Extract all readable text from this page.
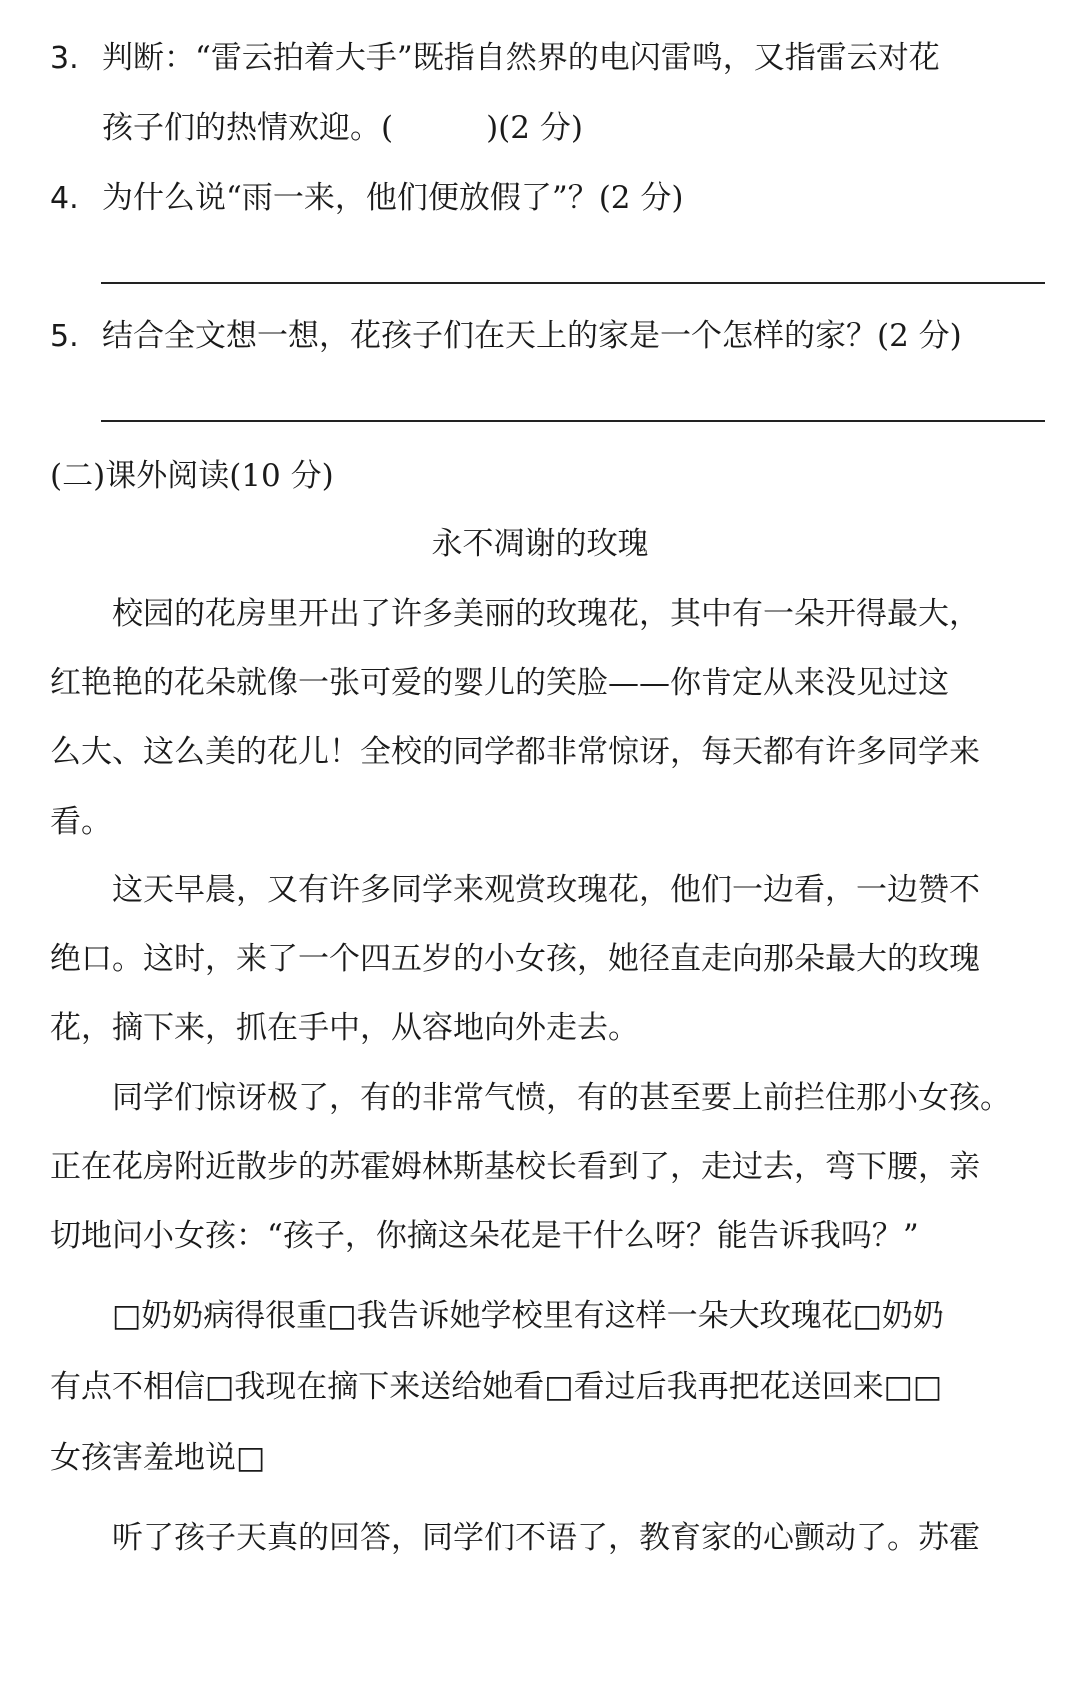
3. 判断：“雷云拍着大手”既指自然界的电闪雷鸣，又指雷云对花
孩子们的热情欢迎。(　　　)(2 分)
4. 为什么说“雨一来，他们便放假了”？(2 分)
5. 结合全文想一想，花孩子们在天上的家是一个怎样的家？(2 分)
(二)课外阅读(10 分)
永不凋谢的玫瑰
校园的花房里开出了许多美丽的玫瑰花，其中有一朵开得最大，
红艳艳的花朵就像一张可爱的婴儿的笑脸——你肯定从来没见过这
么大、这么美的花儿！全校的同学都非常惊讶，每天都有许多同学来
看。
这天早晨，又有许多同学来观赏玫瑰花，他们一边看，一边赞不
绝口。这时，来了一个四五岁的小女孩，她径直走向那朵最大的玫瑰
花，摘下来，抓在手中，从容地向外走去。
同学们惊讶极了，有的非常气愤，有的甚至要上前拦住那小女孩。
正在花房附近散步的苏霍姆林斯基校长看到了，走过去，弯下腰，亲
切地问小女孩：“孩子，你摘这朵花是干什么呀？能告诉我吗？”
□奶奶病得很重□我告诉她学校里有这样一朵大玫瑰花□奶奶
有点不相信□我现在摘下来送给她看□看过后我再把花送回来□□
女孩害羞地说□
听了孩子天真的回答，同学们不语了，教育家的心颤动了。苏霍
